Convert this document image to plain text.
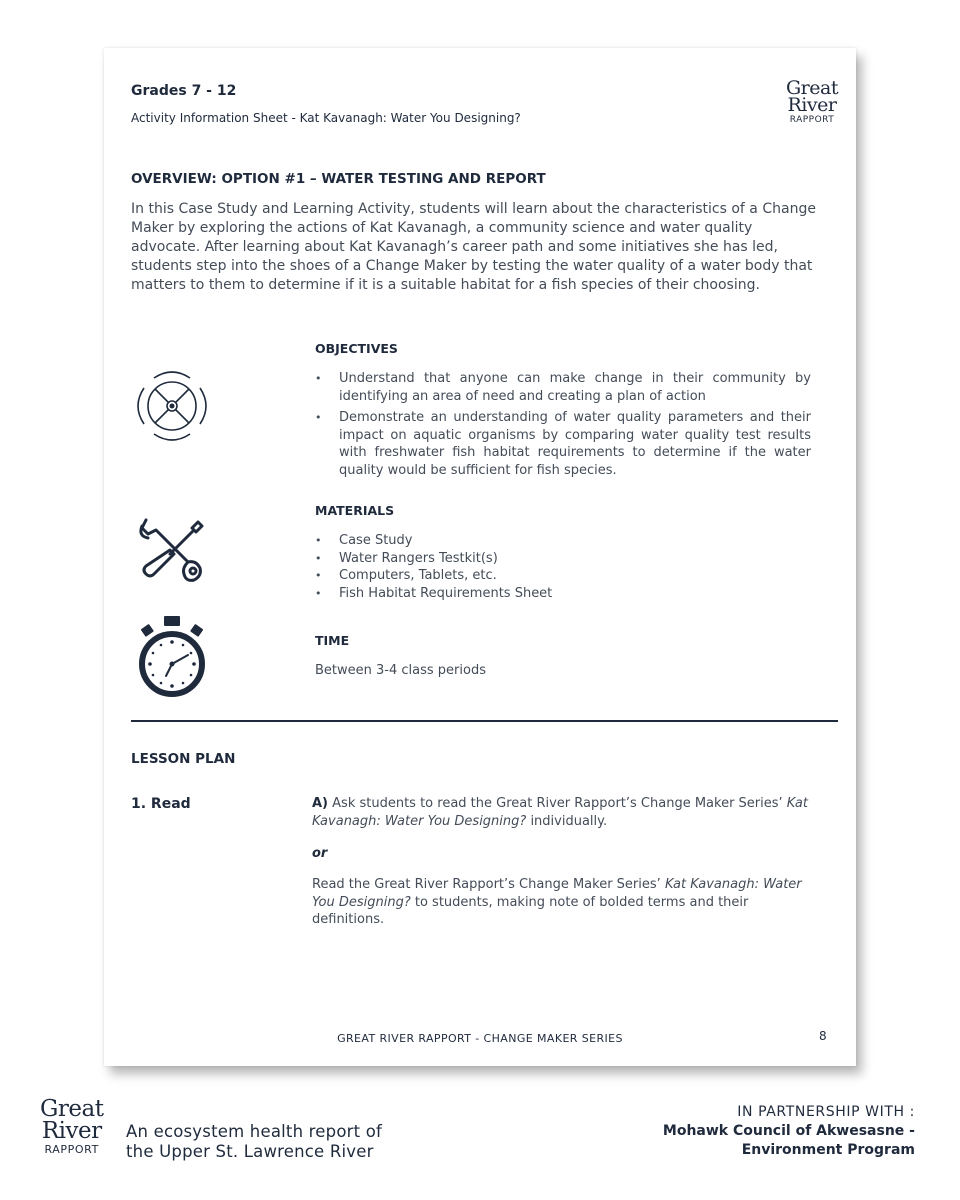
Grades 7 - 12
Activity Information Sheet - Kat Kavanagh: Water You Designing?
Great
River
RAPPORT
OVERVIEW: OPTION #1 – WATER TESTING AND REPORT
In this Case Study and Learning Activity, students will learn about the characteristics of a Change Maker by exploring the actions of Kat Kavanagh, a community science and water quality advocate. After learning about Kat Kavanagh’s career path and some initiatives she has led, students step into the shoes of a Change Maker by testing the water quality of a water body that matters to them to determine if it is a suitable habitat for a fish species of their choosing.
OBJECTIVES
• Understand that anyone can make change in their community by identifying an area of need and creating a plan of action
• Demonstrate an understanding of water quality parameters and their impact on aquatic organisms by comparing water quality test results with freshwater fish habitat requirements to determine if the water quality would be sufficient for fish species.
MATERIALS
• Case Study
• Water Rangers Testkit(s)
• Computers, Tablets, etc.
• Fish Habitat Requirements Sheet
TIME
Between 3-4 class periods
LESSON PLAN
1. Read	A) Ask students to read the Great River Rapport’s Change Maker Series’ Kat Kavanagh: Water You Designing? individually.
or
Read the Great River Rapport’s Change Maker Series’ Kat Kavanagh: Water You Designing? to students, making note of bolded terms and their definitions.
GREAT RIVER RAPPORT - CHANGE MAKER SERIES	8
Great
River
RAPPORT
An ecosystem health report of
the Upper St. Lawrence River
IN PARTNERSHIP WITH :
Mohawk Council of Akwesasne -
Environment Program
